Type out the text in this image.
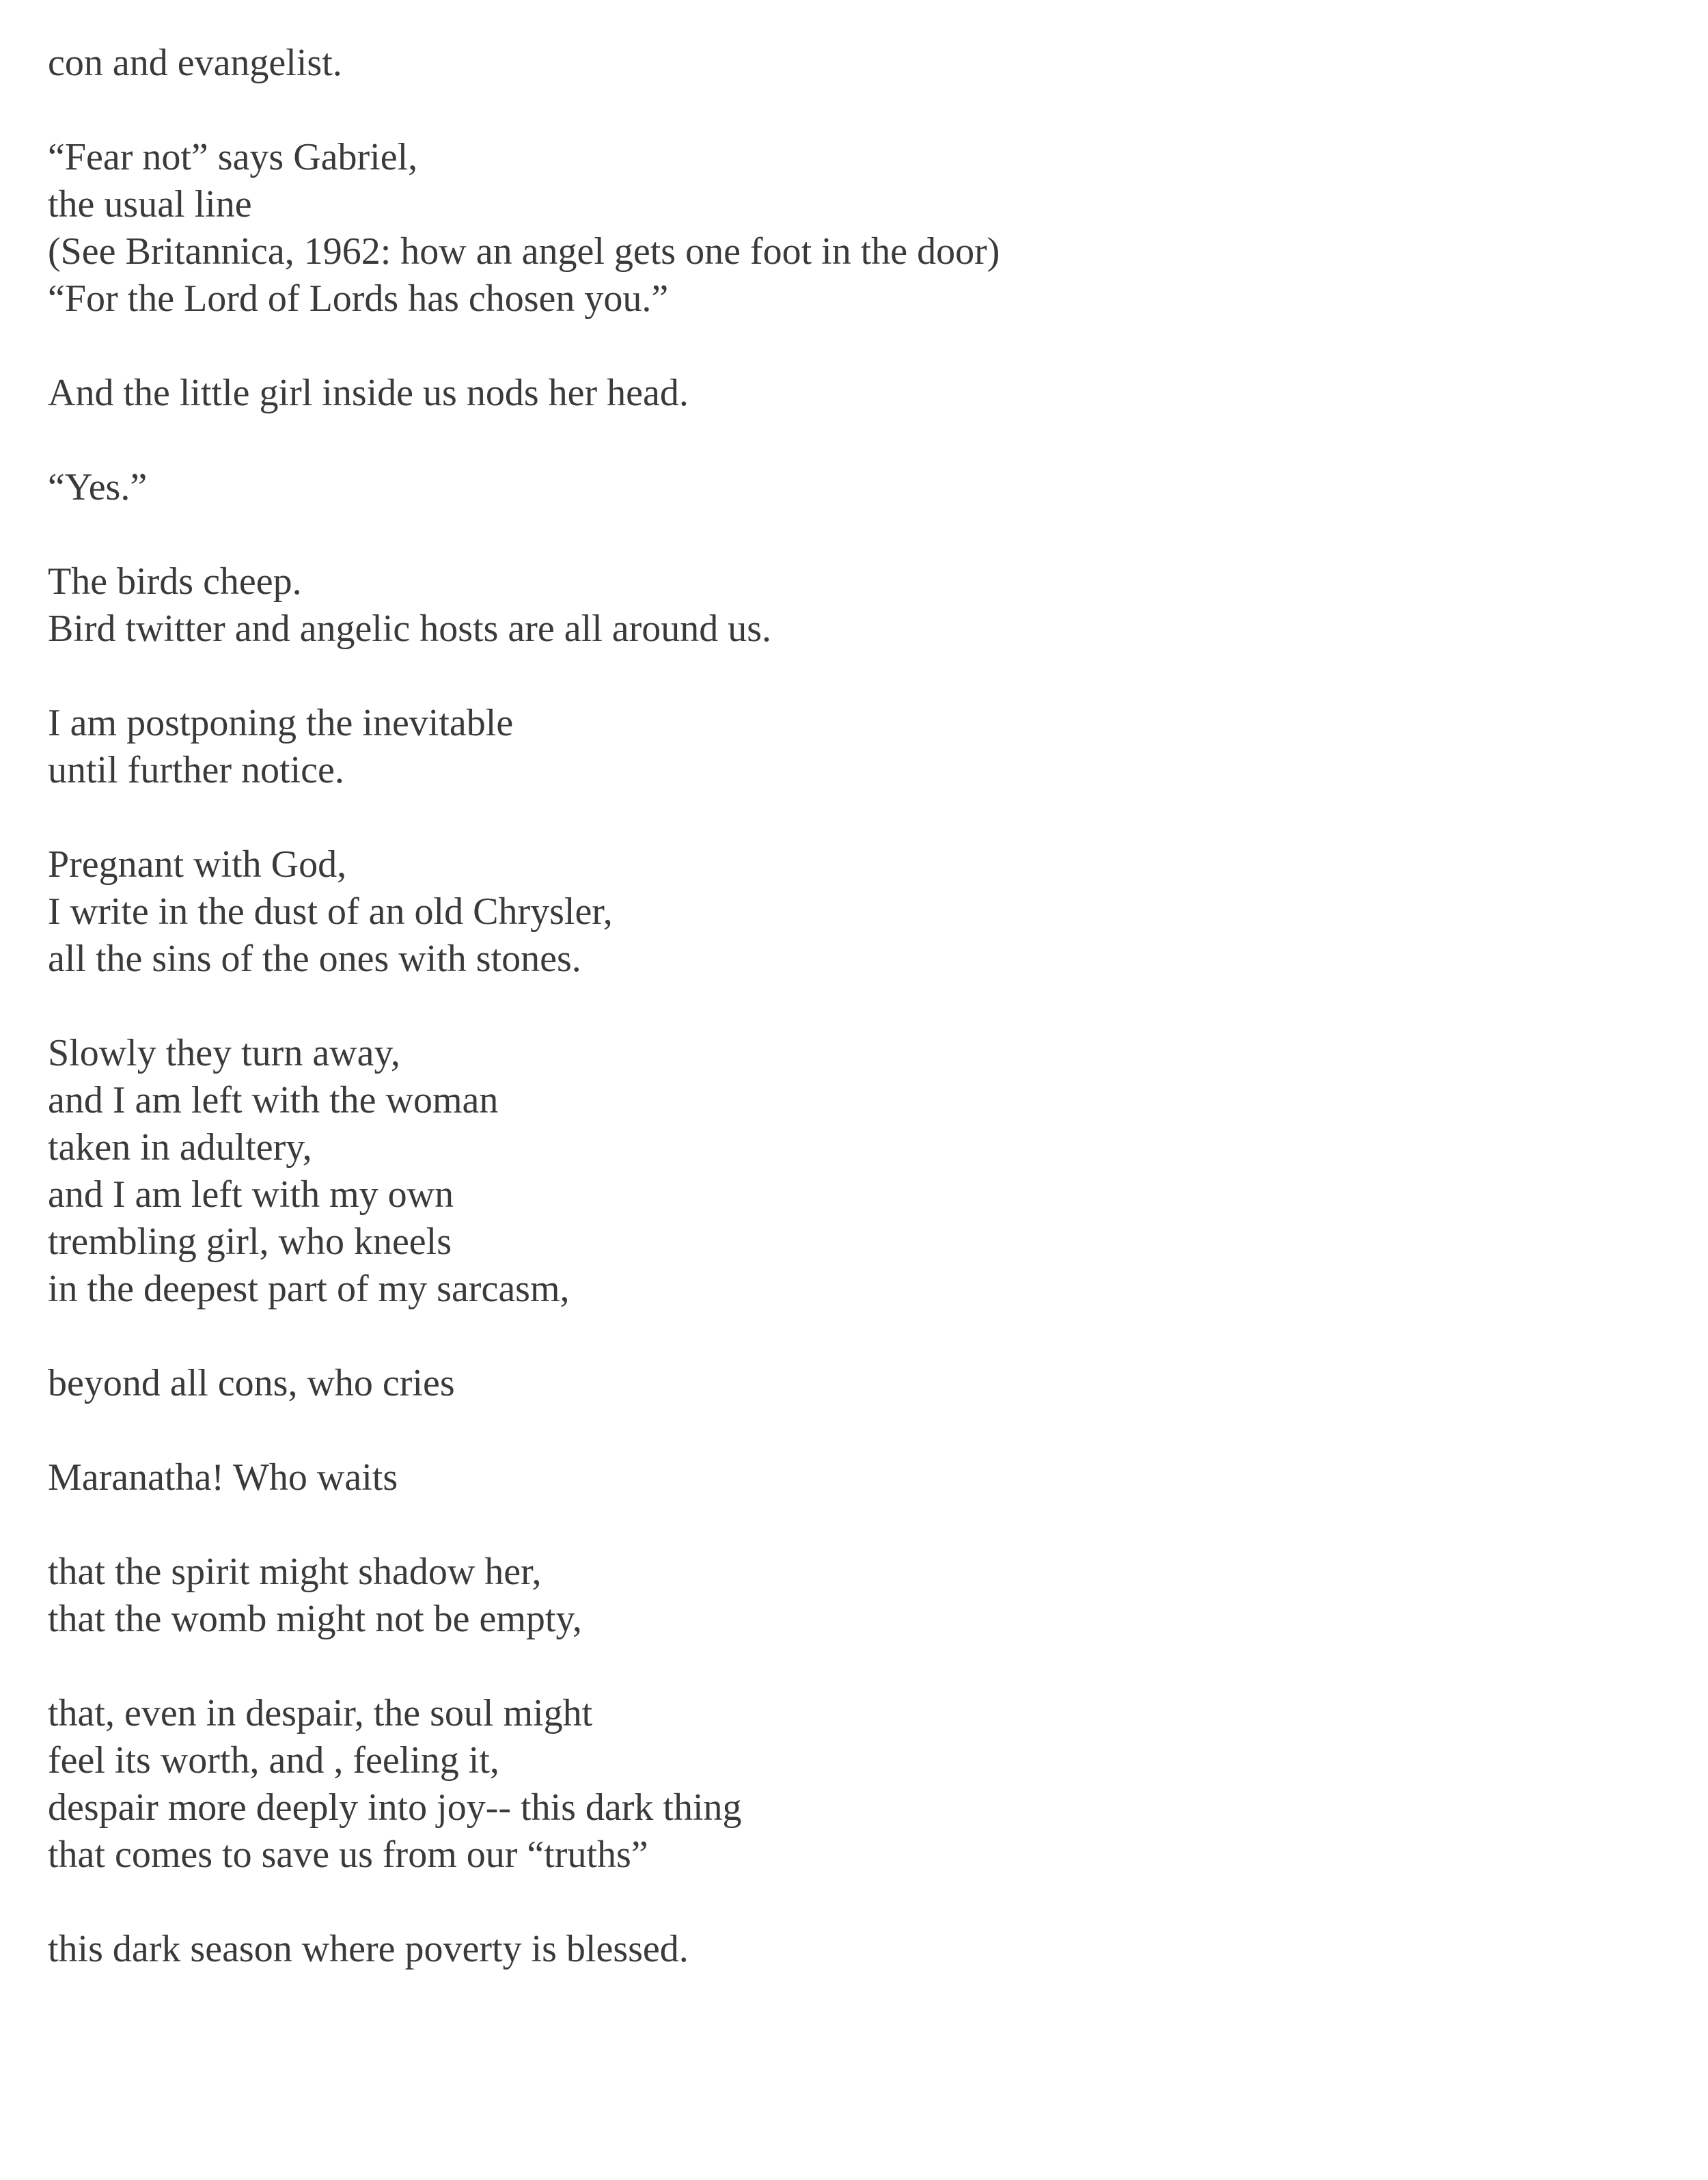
con and evangelist.
“Fear not” says Gabriel,
the usual line
(See Britannica, 1962: how an angel gets one foot in the door)
“For the Lord of Lords has chosen you.”
And the little girl inside us nods her head.
“Yes.”
The birds cheep.
Bird twitter and angelic hosts are all around us.
I am postponing the inevitable
until further notice.
Pregnant with God,
I write in the dust of an old Chrysler,
all the sins of the ones with stones.
Slowly they turn away,
and I am left with the woman
taken in adultery,
and I am left with my own
trembling girl, who kneels
in the deepest part of my sarcasm,
beyond all cons, who cries
Maranatha! Who waits
that the spirit might shadow her,
that the womb might not be empty,
that, even in despair, the soul might
feel its worth, and , feeling it,
despair more deeply into joy-- this dark thing
that comes to save us from our “truths”
this dark season where poverty is blessed.
